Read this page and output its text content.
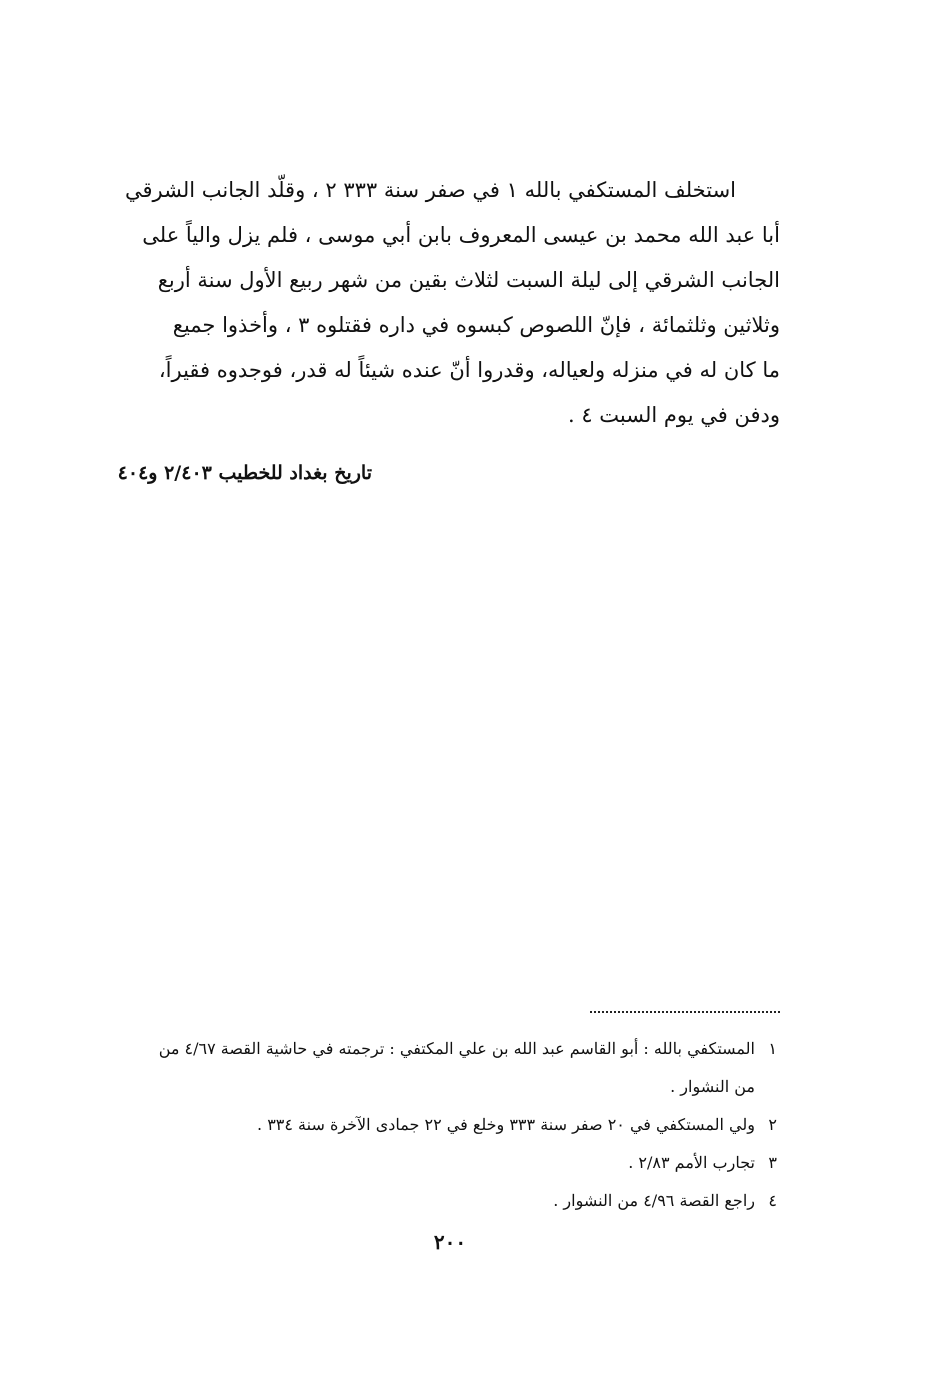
استخلف المستكفي بالله ١ في صفر سنة ٣٣٣ ٢ ، وقلّد الجانب الشرقي

أبا عبد الله محمد بن عيسى المعروف بابن أبي موسى ، فلم يزل والياً على

الجانب الشرقي إلى ليلة السبت لثلاث بقين من شهر ربيع الأول سنة أربع

وثلاثين وثلثمائة ، فإنّ اللصوص كبسوه في داره فقتلوه ٣ ، وأخذوا جميع

ما كان له في منزله ولعياله، وقدروا أنّ عنده شيئاً له قدر، فوجدوه فقيراً،

ودفن في يوم السبت ٤ .

تاريخ بغداد للخطيب ٢/٤٠٣ و٤٠٤

١المستكفي بالله : أبو القاسم عبد الله بن علي المكتفي : ترجمته في حاشية القصة ٤/٦٧ من
من النشوار .
٢ولي المستكفي في ٢٠ صفر سنة ٣٣٣ وخلع في ٢٢ جمادى الآخرة سنة ٣٣٤ .
٣تجارب الأمم ٢/٨٣ .
٤راجع القصة ٤/٩٦ من النشوار .
٢٠٠
